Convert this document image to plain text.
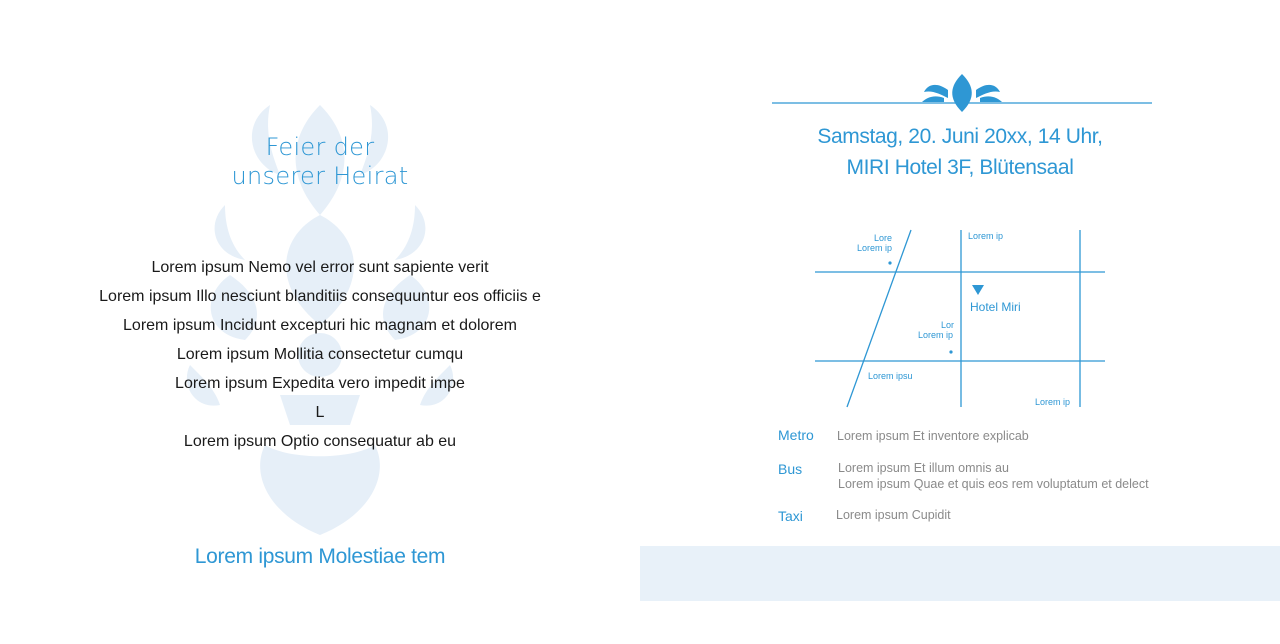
Feier der
unserer Heirat
Lorem ipsum Nemo vel error sunt sapiente verit
Lorem ipsum Illo nesciunt blanditiis consequuntur eos officiis e
Lorem ipsum Incidunt excepturi hic magnam et dolorem
Lorem ipsum Mollitia consectetur cumqu
Lorem ipsum Expedita vero impedit impe
L
Lorem ipsum Optio consequatur ab eu
Lorem ipsum Molestiae tem
Samstag, 20. Juni 20xx, 14 Uhr,
MIRI Hotel 3F, Blütensaal
Lore
Lorem ip
Lorem ip
Hotel Miri
Lor
Lorem ip
Lorem ipsu
Lorem ip
Metro Lorem ipsum Et inventore explicab
Bus	Lorem ipsum Et illum omnis au
Lorem ipsum Quae et quis eos rem voluptatum et delect
Taxi	Lorem ipsum Cupidit
